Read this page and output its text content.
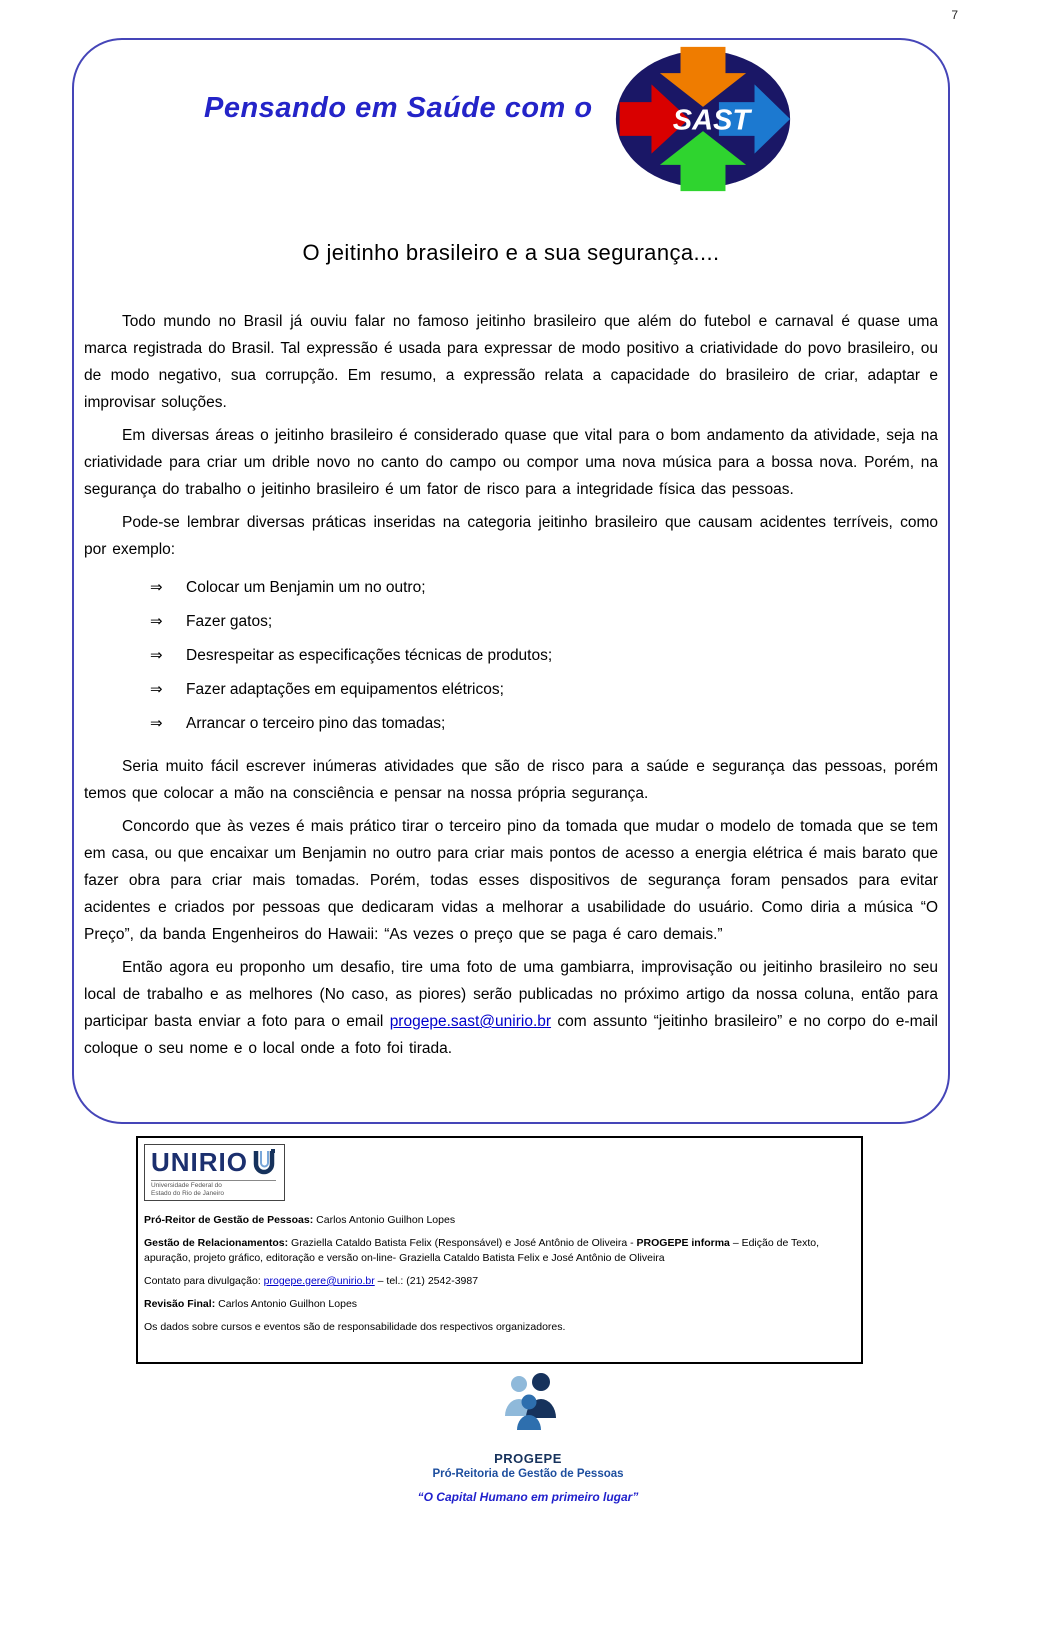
7
Pensando em Saúde com o	SAST
O jeitinho brasileiro e a sua segurança....

Todo mundo no Brasil já ouviu falar no famoso jeitinho brasileiro que além do futebol e carnaval é quase uma marca registrada do Brasil. Tal expressão é usada para expressar de modo positivo a criatividade do povo brasileiro, ou de modo negativo, sua corrupção. Em resumo, a expressão relata a capacidade do brasileiro de criar, adaptar e improvisar soluções.

Em diversas áreas o jeitinho brasileiro é considerado quase que vital para o bom andamento da atividade, seja na criatividade para criar um drible novo no canto do campo ou compor uma nova música para a bossa nova. Porém, na segurança do trabalho o jeitinho brasileiro é um fator de risco para a integridade física das pessoas.

Pode-se lembrar diversas práticas inseridas na categoria jeitinho brasileiro que causam acidentes terríveis, como por exemplo:

⇒	Colocar um Benjamin um no outro;
⇒	Fazer gatos;
⇒	Desrespeitar as especificações técnicas de produtos;
⇒	Fazer adaptações em equipamentos elétricos;
⇒	Arrancar o terceiro pino das tomadas;

Seria muito fácil escrever inúmeras atividades que são de risco para a saúde e segurança das pessoas, porém temos que colocar a mão na consciência e pensar na nossa própria segurança.

Concordo que às vezes é mais prático tirar o terceiro pino da tomada que mudar o modelo de tomada que se tem em casa, ou que encaixar um Benjamin no outro para criar mais pontos de acesso a energia elétrica é mais barato que fazer obra para criar mais tomadas. Porém, todas esses dispositivos de segurança foram pensados para evitar acidentes e criados por pessoas que dedicaram vidas a melhorar a usabilidade do usuário. Como diria a música “O Preço”, da banda Engenheiros do Hawaii: “As vezes o preço que se paga é caro demais.”

Então agora eu proponho um desafio, tire uma foto de uma gambiarra, improvisação ou jeitinho brasileiro no seu local de trabalho e as melhores (No caso, as piores) serão publicadas no próximo artigo da nossa coluna, então para participar basta enviar a foto para o email progepe.sast@unirio.br com assunto “jeitinho brasileiro” e no corpo do e-mail coloque o seu nome e o local onde a foto foi tirada.

UNIRIO
Universidade Federal do
Estado do Rio de Janeiro

Pró-Reitor de Gestão de Pessoas: Carlos Antonio Guilhon Lopes

Gestão de Relacionamentos: Graziella Cataldo Batista Felix (Responsável) e José Antônio de Oliveira - PROGEPE informa – Edição de Texto, apuração, projeto gráfico, editoração e versão on-line- Graziella Cataldo Batista Felix e José Antônio de Oliveira

Contato para divulgação: progepe.gere@unirio.br – tel.: (21) 2542-3987

Revisão Final: Carlos Antonio Guilhon Lopes

Os dados sobre cursos e eventos são de responsabilidade dos respectivos organizadores.

PROGEPE
Pró-Reitoria de Gestão de Pessoas
“O Capital Humano em primeiro lugar”
